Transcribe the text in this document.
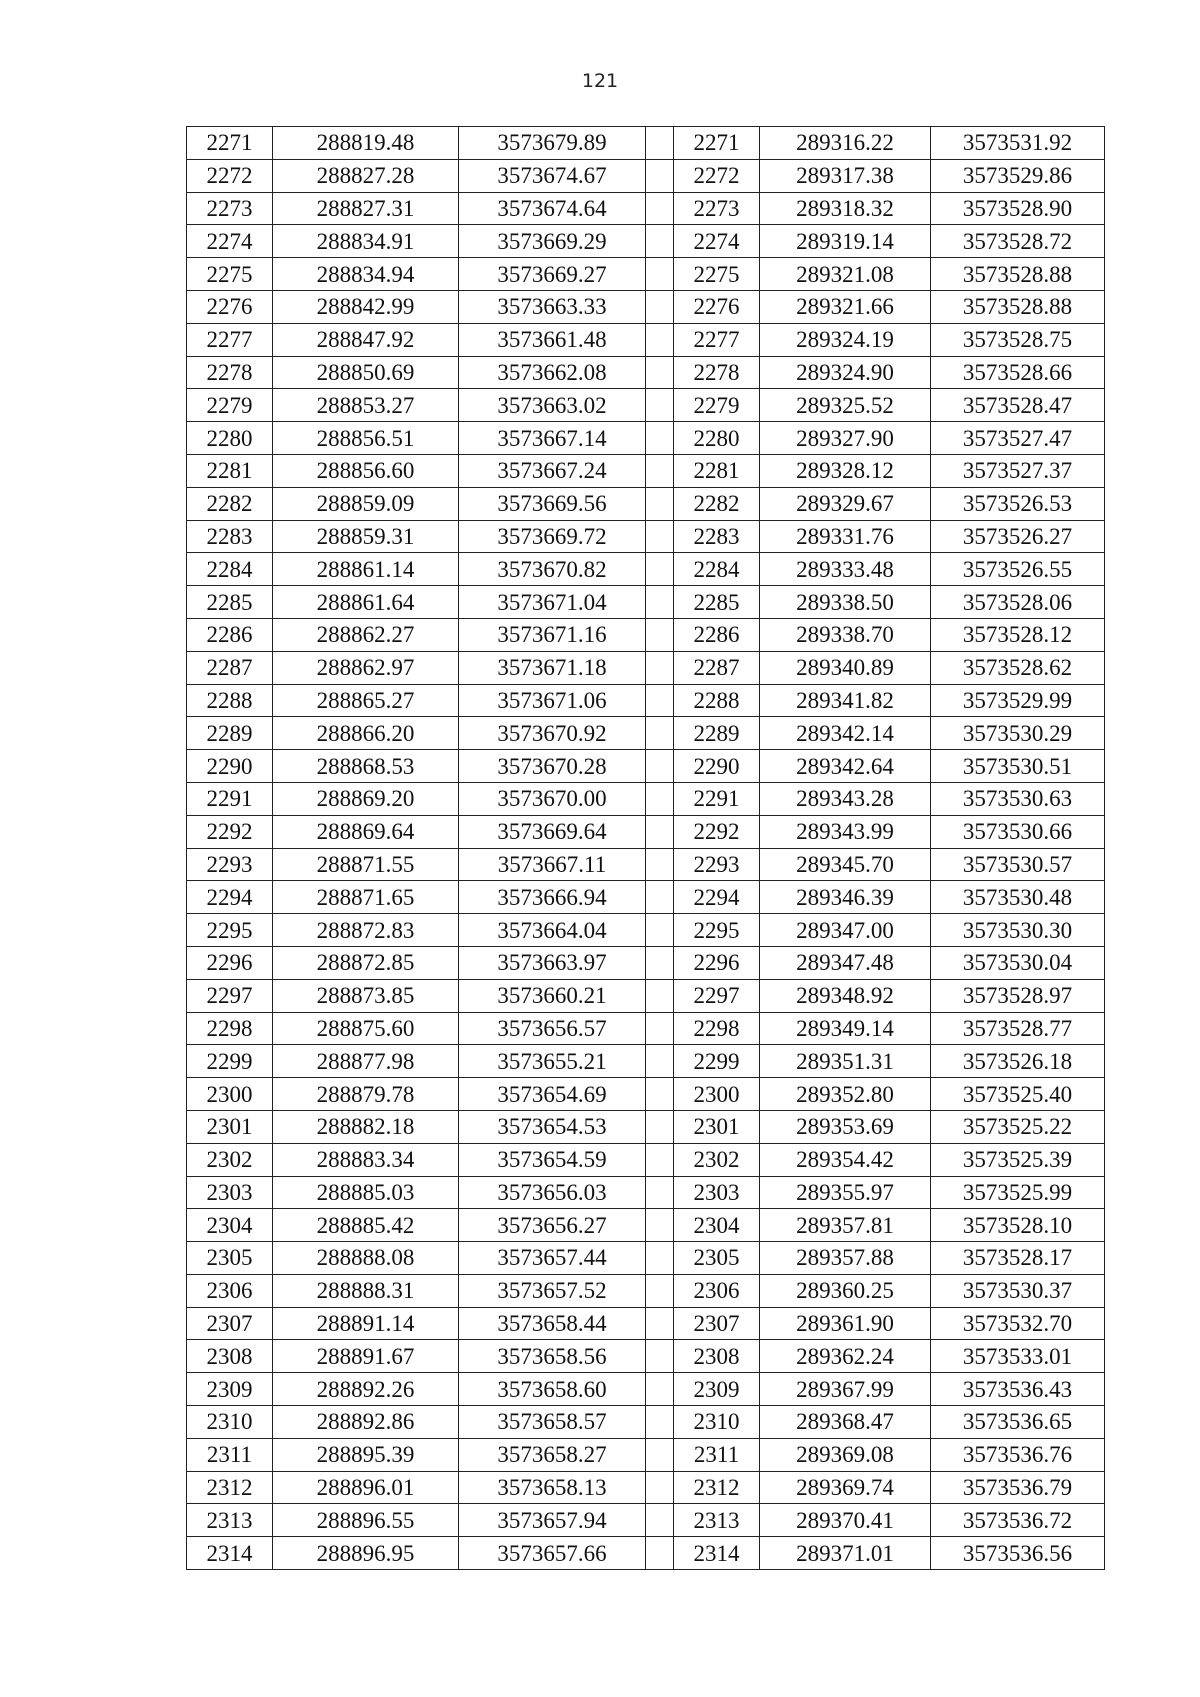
121
2271	288819.48	3573679.89		2271	289316.22	3573531.92
2272	288827.28	3573674.67		2272	289317.38	3573529.86
2273	288827.31	3573674.64		2273	289318.32	3573528.90
2274	288834.91	3573669.29		2274	289319.14	3573528.72
2275	288834.94	3573669.27		2275	289321.08	3573528.88
2276	288842.99	3573663.33		2276	289321.66	3573528.88
2277	288847.92	3573661.48		2277	289324.19	3573528.75
2278	288850.69	3573662.08		2278	289324.90	3573528.66
2279	288853.27	3573663.02		2279	289325.52	3573528.47
2280	288856.51	3573667.14		2280	289327.90	3573527.47
2281	288856.60	3573667.24		2281	289328.12	3573527.37
2282	288859.09	3573669.56		2282	289329.67	3573526.53
2283	288859.31	3573669.72		2283	289331.76	3573526.27
2284	288861.14	3573670.82		2284	289333.48	3573526.55
2285	288861.64	3573671.04		2285	289338.50	3573528.06
2286	288862.27	3573671.16		2286	289338.70	3573528.12
2287	288862.97	3573671.18		2287	289340.89	3573528.62
2288	288865.27	3573671.06		2288	289341.82	3573529.99
2289	288866.20	3573670.92		2289	289342.14	3573530.29
2290	288868.53	3573670.28		2290	289342.64	3573530.51
2291	288869.20	3573670.00		2291	289343.28	3573530.63
2292	288869.64	3573669.64		2292	289343.99	3573530.66
2293	288871.55	3573667.11		2293	289345.70	3573530.57
2294	288871.65	3573666.94		2294	289346.39	3573530.48
2295	288872.83	3573664.04		2295	289347.00	3573530.30
2296	288872.85	3573663.97		2296	289347.48	3573530.04
2297	288873.85	3573660.21		2297	289348.92	3573528.97
2298	288875.60	3573656.57		2298	289349.14	3573528.77
2299	288877.98	3573655.21		2299	289351.31	3573526.18
2300	288879.78	3573654.69		2300	289352.80	3573525.40
2301	288882.18	3573654.53		2301	289353.69	3573525.22
2302	288883.34	3573654.59		2302	289354.42	3573525.39
2303	288885.03	3573656.03		2303	289355.97	3573525.99
2304	288885.42	3573656.27		2304	289357.81	3573528.10
2305	288888.08	3573657.44		2305	289357.88	3573528.17
2306	288888.31	3573657.52		2306	289360.25	3573530.37
2307	288891.14	3573658.44		2307	289361.90	3573532.70
2308	288891.67	3573658.56		2308	289362.24	3573533.01
2309	288892.26	3573658.60		2309	289367.99	3573536.43
2310	288892.86	3573658.57		2310	289368.47	3573536.65
2311	288895.39	3573658.27		2311	289369.08	3573536.76
2312	288896.01	3573658.13		2312	289369.74	3573536.79
2313	288896.55	3573657.94		2313	289370.41	3573536.72
2314	288896.95	3573657.66		2314	289371.01	3573536.56
